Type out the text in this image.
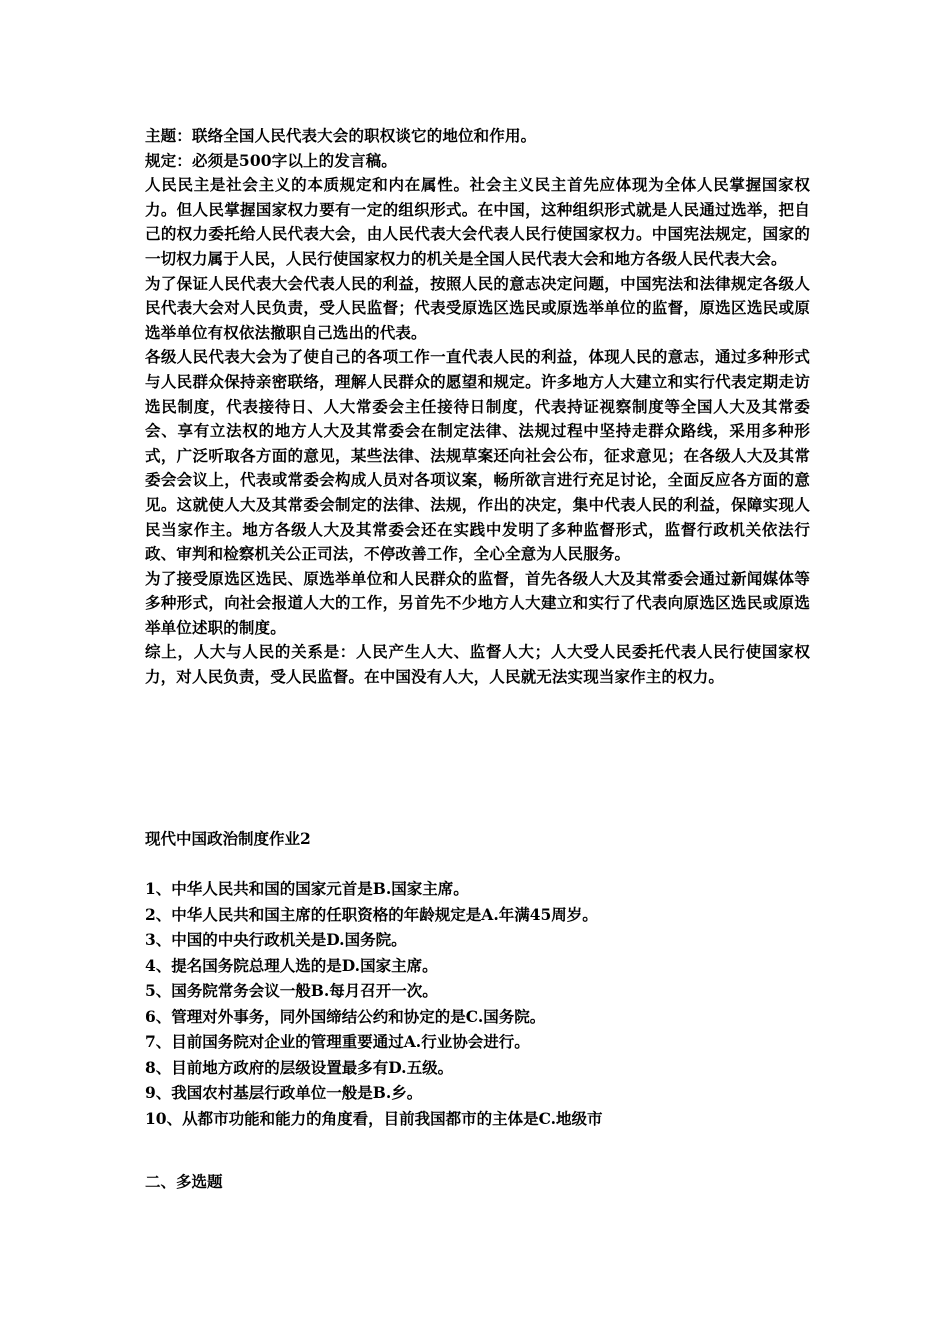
主题：联络全国人民代表大会的职权谈它的地位和作用。

规定：必须是500字以上的发言稿。

人民民主是社会主义的本质规定和内在属性。社会主义民主首先应体现为全体人民掌握国家权力。但人民掌握国家权力要有一定的组织形式。在中国，这种组织形式就是人民通过选举，把自己的权力委托给人民代表大会，由人民代表大会代表人民行使国家权力。中国宪法规定，国家的一切权力属于人民，人民行使国家权力的机关是全国人民代表大会和地方各级人民代表大会。

为了保证人民代表大会代表人民的利益，按照人民的意志决定问题，中国宪法和法律规定各级人民代表大会对人民负责，受人民监督；代表受原选区选民或原选举单位的监督，原选区选民或原选举单位有权依法撤职自己选出的代表。

各级人民代表大会为了使自己的各项工作一直代表人民的利益，体现人民的意志，通过多种形式与人民群众保持亲密联络，理解人民群众的愿望和规定。许多地方人大建立和实行代表定期走访选民制度，代表接待日、人大常委会主任接待日制度，代表持证视察制度等全国人大及其常委会、享有立法权的地方人大及其常委会在制定法律、法规过程中坚持走群众路线，采用多种形式，广泛听取各方面的意见，某些法律、法规草案还向社会公布，征求意见；在各级人大及其常委会会议上，代表或常委会构成人员对各项议案，畅所欲言进行充足讨论，全面反应各方面的意见。这就使人大及其常委会制定的法律、法规，作出的决定，集中代表人民的利益，保障实现人民当家作主。地方各级人大及其常委会还在实践中发明了多种监督形式，监督行政机关依法行政、审判和检察机关公正司法，不停改善工作，全心全意为人民服务。

为了接受原选区选民、原选举单位和人民群众的监督，首先各级人大及其常委会通过新闻媒体等多种形式，向社会报道人大的工作，另首先不少地方人大建立和实行了代表向原选区选民或原选举单位述职的制度。

综上，人大与人民的关系是：人民产生人大、监督人大；人大受人民委托代表人民行使国家权力，对人民负责，受人民监督。在中国没有人大，人民就无法实现当家作主的权力。

现代中国政治制度作业2

1、中华人民共和国的国家元首是B.国家主席。
2、中华人民共和国主席的任职资格的年龄规定是A.年满45周岁。
3、中国的中央行政机关是D.国务院。
4、提名国务院总理人选的是D.国家主席。
5、国务院常务会议一般B.每月召开一次。
6、管理对外事务，同外国缔结公约和协定的是C.国务院。
7、目前国务院对企业的管理重要通过A.行业协会进行。
8、目前地方政府的层级设置最多有D.五级。
9、我国农村基层行政单位一般是B.乡。
10、从都市功能和能力的角度看，目前我国都市的主体是C.地级市

二、多选题
